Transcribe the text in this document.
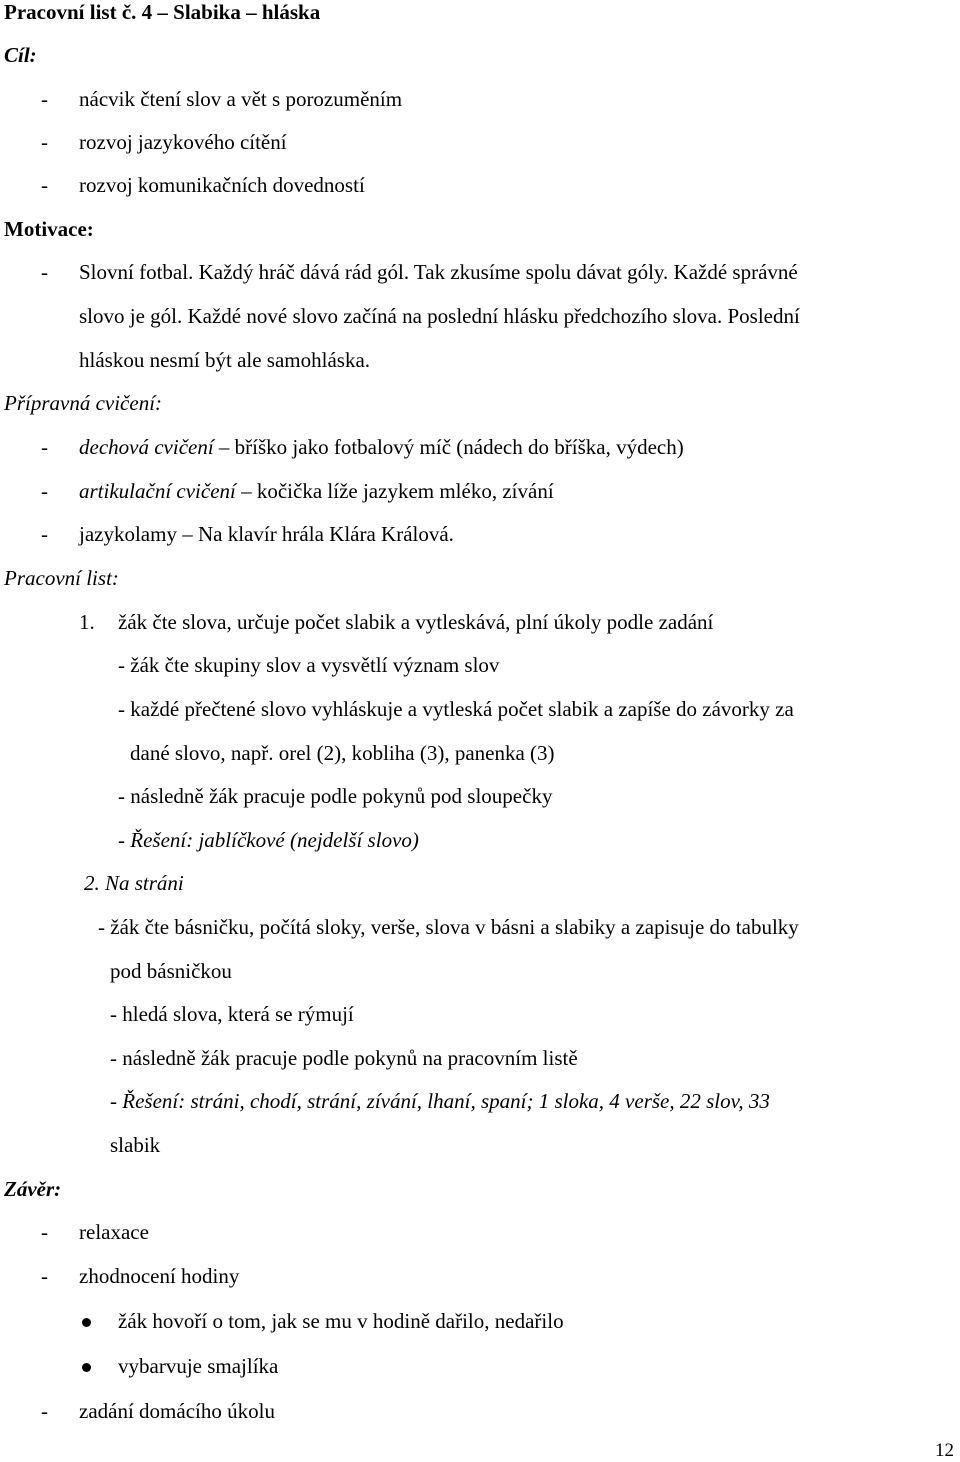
Pracovní list č. 4 – Slabika – hláska
Cíl:
- nácvik čtení slov a vět s porozuměním
- rozvoj jazykového cítění
- rozvoj komunikačních dovedností
Motivace:
- Slovní fotbal. Každý hráč dává rád gól. Tak zkusíme spolu dávat góly. Každé správné
slovo je gól. Každé nové slovo začíná na poslední hlásku předchozího slova. Poslední
hláskou nesmí být ale samohláska.
Přípravná cvičení:
- dechová cvičení – bříško jako fotbalový míč (nádech do bříška, výdech)
- artikulační cvičení – kočička líže jazykem mléko, zívání
- jazykolamy – Na klavír hrála Klára Králová.
Pracovní list:
1. žák čte slova, určuje počet slabik a vytleskává, plní úkoly podle zadání
- žák čte skupiny slov a vysvětlí význam slov
- každé přečtené slovo vyhláskuje a vytleská počet slabik a zapíše do závorky za
dané slovo, např. orel (2), kobliha (3), panenka (3)
- následně žák pracuje podle pokynů pod sloupečky
- Řešení: jablíčkové (nejdelší slovo)
2. Na stráni
- žák čte básničku, počítá sloky, verše, slova v básni a slabiky a zapisuje do tabulky
pod básničkou
- hledá slova, která se rýmují
- následně žák pracuje podle pokynů na pracovním listě
- Řešení: stráni, chodí, strání, zívání, lhaní, spaní; 1 sloka, 4 verše, 22 slov, 33
slabik
Závěr:
- relaxace
- zhodnocení hodiny
žák hovoří o tom, jak se mu v hodině dařilo, nedařilo
vybarvuje smajlíka
- zadání domácího úkolu
12
